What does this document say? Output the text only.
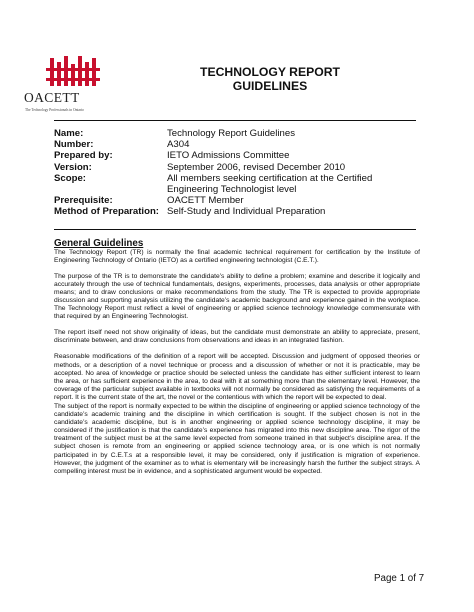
OACETT
The Technology Professionals in Ontario
TECHNOLOGY REPORT
GUIDELINES
Name:	Technology Report Guidelines
Number:	A304
Prepared by:	IETO Admissions Committee
Version:	September 2006, revised December 2010
Scope:	All members seeking certification at the Certified Engineering Technologist level
Prerequisite:	OACETT Member
Method of Preparation: Self-Study and Individual Preparation
General Guidelines

The Technology Report (TR) is normally the final academic technical requirement for certification by the Institute of Engineering Technology of Ontario (IETO) as a certified engineering technologist (C.E.T.).

The purpose of the TR is to demonstrate the candidate’s ability to define a problem; examine and describe it logically and accurately through the use of technical fundamentals, designs, experiments, processes, data analysis or other appropriate means; and to draw conclusions or make recommendations from the study. The TR is expected to provide appropriate discussion and supporting analysis utilizing the candidate’s academic background and experience gained in the workplace. The Technology Report must reflect a level of engineering or applied science technology knowledge commensurate with that required by an Engineering Technologist.

The report itself need not show originality of ideas, but the candidate must demonstrate an ability to appreciate, present, discriminate between, and draw conclusions from observations and ideas in an integrated fashion.

Reasonable modifications of the definition of a report will be accepted. Discussion and judgment of opposed theories or methods, or a description of a novel technique or process and a discussion of whether or not it is practicable, may be accepted. No area of knowledge or practice should be selected unless the candidate has either sufficient interest to learn the area, or has sufficient experience in the area, to deal with it at something more than the elementary level. However, the coverage of the particular subject available in textbooks will not normally be considered as satisfying the requirements of a report. It is the current state of the art, the novel or the contentious with which the report will be expected to deal.

The subject of the report is normally expected to be within the discipline of engineering or applied science technology of the candidate’s academic training and the discipline in which certification is sought. If the subject chosen is not in the candidate’s academic discipline, but is in another engineering or applied science technology discipline, it may be considered if the justification is that the candidate’s experience has migrated into this new discipline area. The rigor of the treatment of the subject must be at the same level expected from someone trained in that subject’s discipline area. If the subject chosen is remote from an engineering or applied science technology area, or is one which is not normally participated in by C.E.T.s at a responsible level, it may be considered, only if justification is migration of experience. However, the judgment of the examiner as to what is elementary will be increasingly harsh the further the subject strays. A compelling interest must be in evidence, and a sophisticated argument would be expected.

Page 1 of 7
